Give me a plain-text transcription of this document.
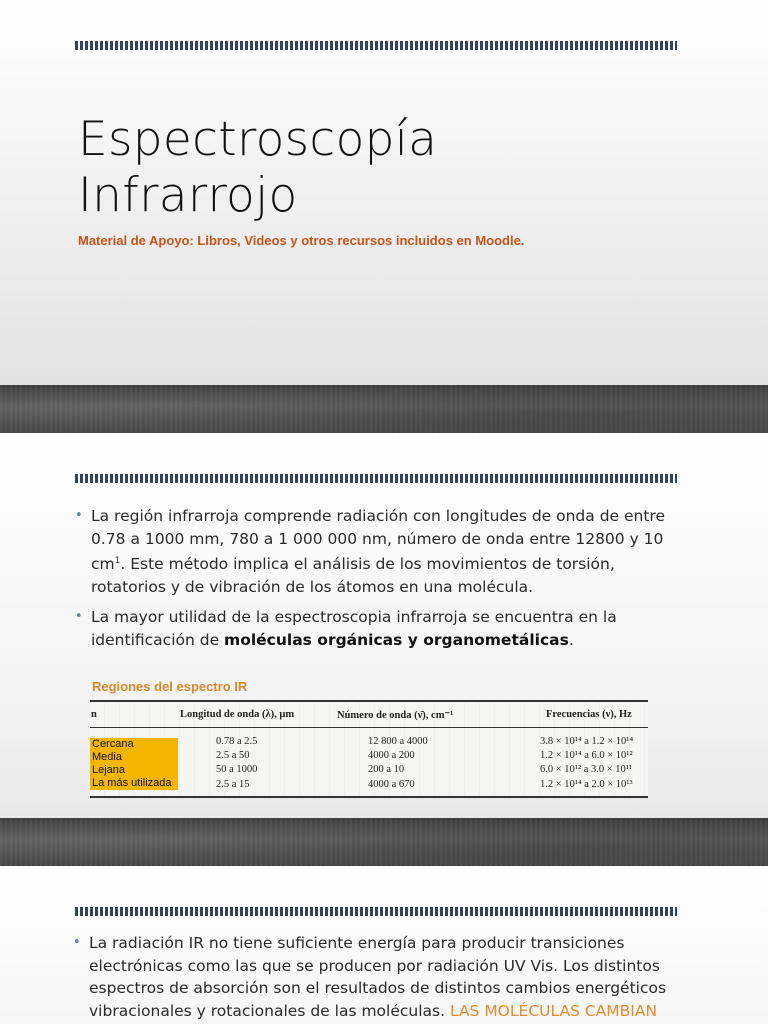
Espectroscopía
Infrarrojo

Material de Apoyo: Libros, Videos y otros recursos incluidos en Moodle.

• La región infrarroja comprende radiación con longitudes de onda de entre 0.78 a 1000 mm, 780 a 1 000 000 nm, número de onda entre 12800 y 10 $cm^1$. Este método implica el análisis de los movimientos de torsión, rotatorios y de vibración de los átomos en una molécula.
• La mayor utilidad de la espectroscopia infrarroja se encuentra en la identificación de moléculas orgánicas y organometálicas.

Regiones del espectro IR

n	Longitud de onda (λ), μm	Número de onda (ν̄), cm⁻¹	Frecuencias (ν), Hz
Cercana	0.78 a 2.5	12 800 a 4000	3.8 × 10¹⁴ a 1.2 × 10¹⁴
Media	2.5 a 50	4000 a 200	1.2 × 10¹⁴ a 6.0 × 10¹²
Lejana	50 a 1000	200 a 10	6.0 × 10¹² a 3.0 × 10¹¹
La más utilizada	2.5 a 15	4000 a 670	1.2 × 10¹⁴ a 2.0 × 10¹³
• La radiación IR no tiene suficiente energía para producir transiciones electrónicas como las que se producen por radiación UV Vis. Los distintos espectros de absorción son el resultados de distintos cambios energéticos vibracionales y rotacionales de las moléculas. LAS MOLÉCULAS CAMBIAN
